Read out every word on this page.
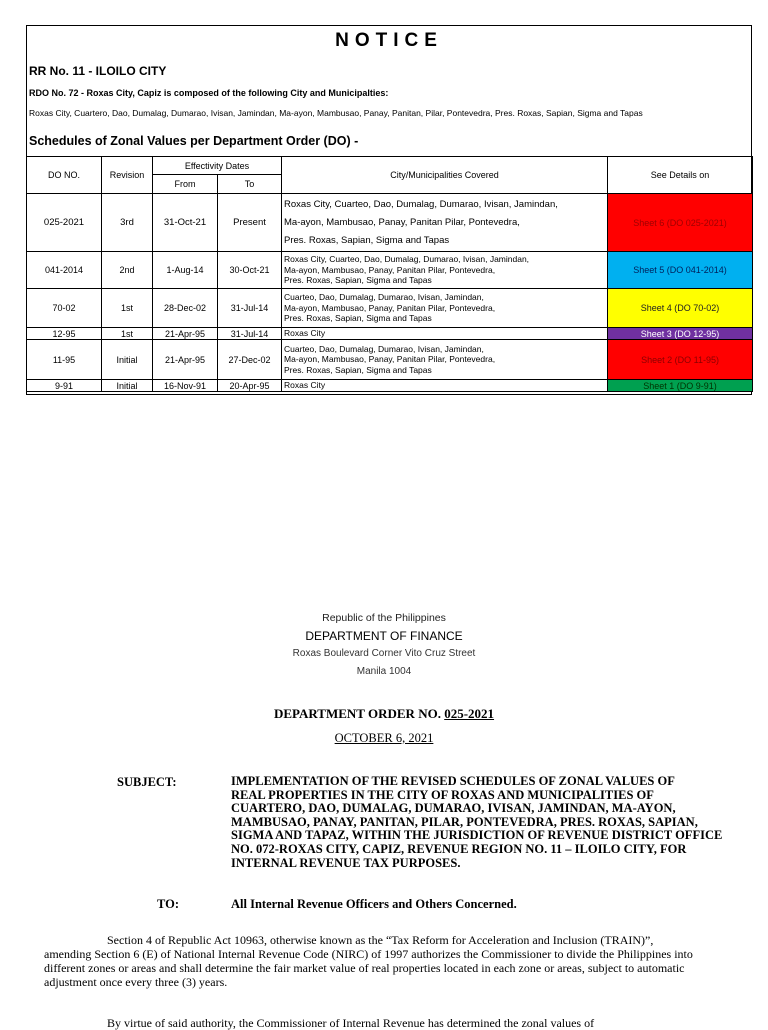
NOTICE
RR No. 11 - ILOILO CITY
RDO No. 72 - Roxas City, Capiz is composed of the following City and Municipalties:
Roxas City, Cuartero, Dao, Dumalag, Dumarao, Ivisan, Jamindan, Ma-ayon, Mambusao, Panay, Panitan, Pilar, Pontevedra, Pres. Roxas, Sapian, Sigma and Tapas
Schedules of Zonal Values per Department Order (DO) -
DO NO.	Revision	Effectivity Dates		City/Municipalities Covered	See Details on
		From	To		
025-2021	3rd	31-Oct-21	Present	Roxas City, Cuarteo, Dao, Dumalag, Dumarao, Ivisan, Jamindan,
Ma-ayon, Mambusao, Panay, Panitan Pilar, Pontevedra,
Pres. Roxas, Sapian, Sigma and Tapas	Sheet 6 (DO 025-2021)
041-2014	2nd	1-Aug-14	30-Oct-21	Roxas City, Cuarteo, Dao, Dumalag, Dumarao, Ivisan, Jamindan,
Ma-ayon, Mambusao, Panay, Panitan Pilar, Pontevedra,
Pres. Roxas, Sapian, Sigma and Tapas	Sheet 5 (DO 041-2014)
70-02	1st	28-Dec-02	31-Jul-14	Cuarteo, Dao, Dumalag, Dumarao, Ivisan, Jamindan,
Ma-ayon, Mambusao, Panay, Panitan Pilar, Pontevedra,
Pres. Roxas, Sapian, Sigma and Tapas	Sheet 4 (DO 70-02)
12-95	1st	21-Apr-95	31-Jul-14	Roxas City	Sheet 3 (DO 12-95)
11-95	Initial	21-Apr-95	27-Dec-02	Cuarteo, Dao, Dumalag, Dumarao, Ivisan, Jamindan,
Ma-ayon, Mambusao, Panay, Panitan Pilar, Pontevedra,
Pres. Roxas, Sapian, Sigma and Tapas	Sheet 2 (DO 11-95)
9-91	Initial	16-Nov-91	20-Apr-95	Roxas City	Sheet 1 (DO 9-91)
Republic of the Philippines
DEPARTMENT OF FINANCE
Roxas Boulevard Corner Vito Cruz Street
Manila 1004
DEPARTMENT ORDER NO. 025-2021
OCTOBER 6, 2021
SUBJECT:	IMPLEMENTATION OF THE REVISED SCHEDULES OF ZONAL VALUES OF
REAL PROPERTIES IN THE CITY OF ROXAS AND MUNICIPALITIES OF
CUARTERO, DAO, DUMALAG, DUMARAO, IVISAN, JAMINDAN, MA-AYON,
MAMBUSAO, PANAY, PANITAN, PILAR, PONTEVEDRA, PRES. ROXAS, SAPIAN,
SIGMA AND TAPAZ, WITHIN THE JURISDICTION OF REVENUE DISTRICT OFFICE
NO. 072-ROXAS CITY, CAPIZ, REVENUE REGION NO. 11 – ILOILO CITY, FOR
INTERNAL REVENUE TAX PURPOSES.
TO:	All Internal Revenue Officers and Others Concerned.
Section 4 of Republic Act 10963, otherwise known as the “Tax Reform for Acceleration and Inclusion (TRAIN)”,
amending Section 6 (E) of National Internal Revenue Code (NIRC) of 1997 authorizes the Commissioner to divide the Philippines into
different zones or areas and shall determine the fair market value of real properties located in each zone or areas, subject to automatic
adjustment once every three (3) years.
By virtue of said authority, the Commissioner of Internal Revenue has determined the zonal values of
